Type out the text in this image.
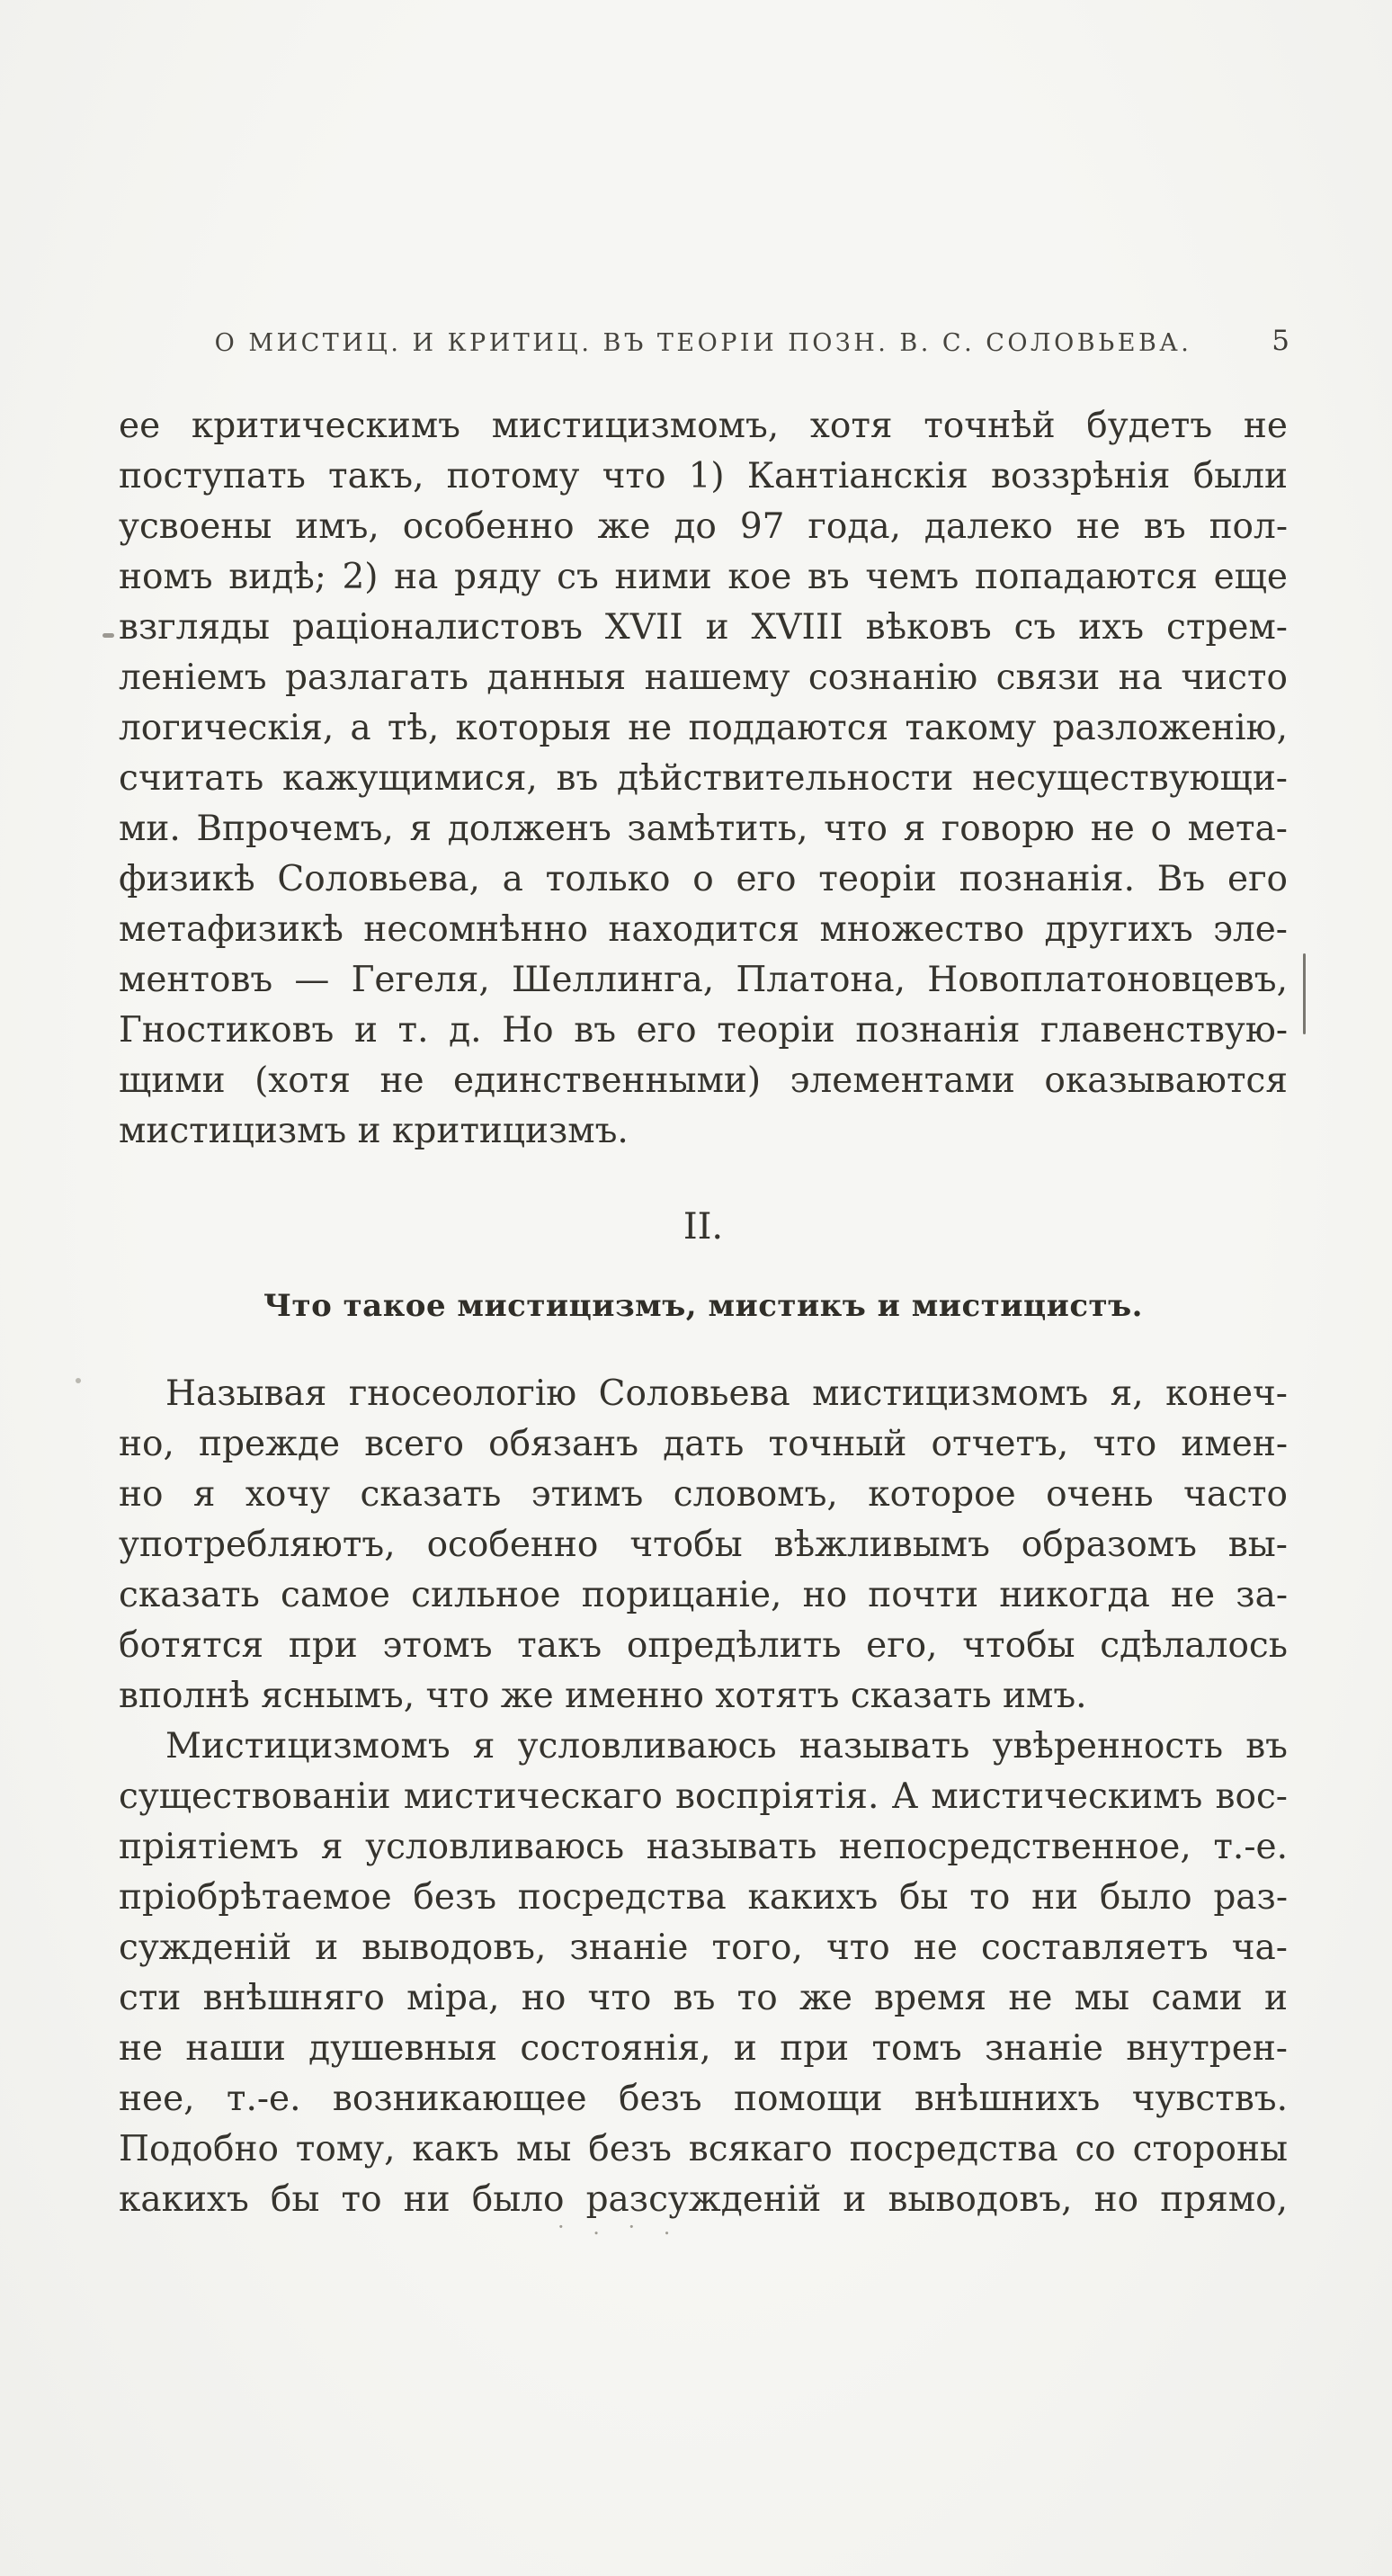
О МИСТИЦ. И КРИТИЦ. ВЪ ТЕОРІИ ПОЗН. В. С. СОЛОВЬЕВА.	5
ее критическимъ мистицизмомъ, хотя точнѣй будетъ не
поступать такъ, потому что 1) Кантіанскія воззрѣнія были
усвоены имъ, особенно же до 97 года, далеко не въ пол-
номъ видѣ; 2) на ряду съ ними кое въ чемъ попадаются еще
взгляды раціоналистовъ XVII и XVIII вѣковъ съ ихъ стрем-
леніемъ разлагать данныя нашему сознанію связи на чисто
логическія, а тѣ, которыя не поддаются такому разложенію,
считать кажущимися, въ дѣйствительности несуществующи-
ми. Впрочемъ, я долженъ замѣтить, что я говорю не о мета-
физикѣ Соловьева, а только о его теоріи познанія. Въ его
метафизикѣ несомнѣнно находится множество другихъ эле-
ментовъ — Гегеля, Шеллинга, Платона, Новоплатоновцевъ,
Гностиковъ и т. д. Но въ его теоріи познанія главенствую-
щими (хотя не единственными) элементами оказываются
мистицизмъ и критицизмъ.
II.
Что такое мистицизмъ, мистикъ и мистицистъ.
Называя гносеологію Соловьева мистицизмомъ я, конеч-
но, прежде всего обязанъ дать точный отчетъ, что имен-
но я хочу сказать этимъ словомъ, которое очень часто
употребляютъ, особенно чтобы вѣжливымъ образомъ вы-
сказать самое сильное порицаніе, но почти никогда не за-
ботятся при этомъ такъ опредѣлить его, чтобы сдѣлалось
вполнѣ яснымъ, что же именно хотятъ сказать имъ.
Мистицизмомъ я условливаюсь называть увѣренность въ
существованіи мистическаго воспріятія. А мистическимъ вос-
пріятіемъ я условливаюсь называть непосредственное, т.-е.
пріобрѣтаемое безъ посредства какихъ бы то ни было раз-
сужденій и выводовъ, знаніе того, что не составляетъ ча-
сти внѣшняго міра, но что въ то же время не мы сами и
не наши душевныя состоянія, и при томъ знаніе внутрен-
нее, т.-е. возникающее безъ помощи внѣшнихъ чувствъ.
Подобно тому, какъ мы безъ всякаго посредства со стороны
какихъ бы то ни было разсужденій и выводовъ, но прямо,
· . · .
